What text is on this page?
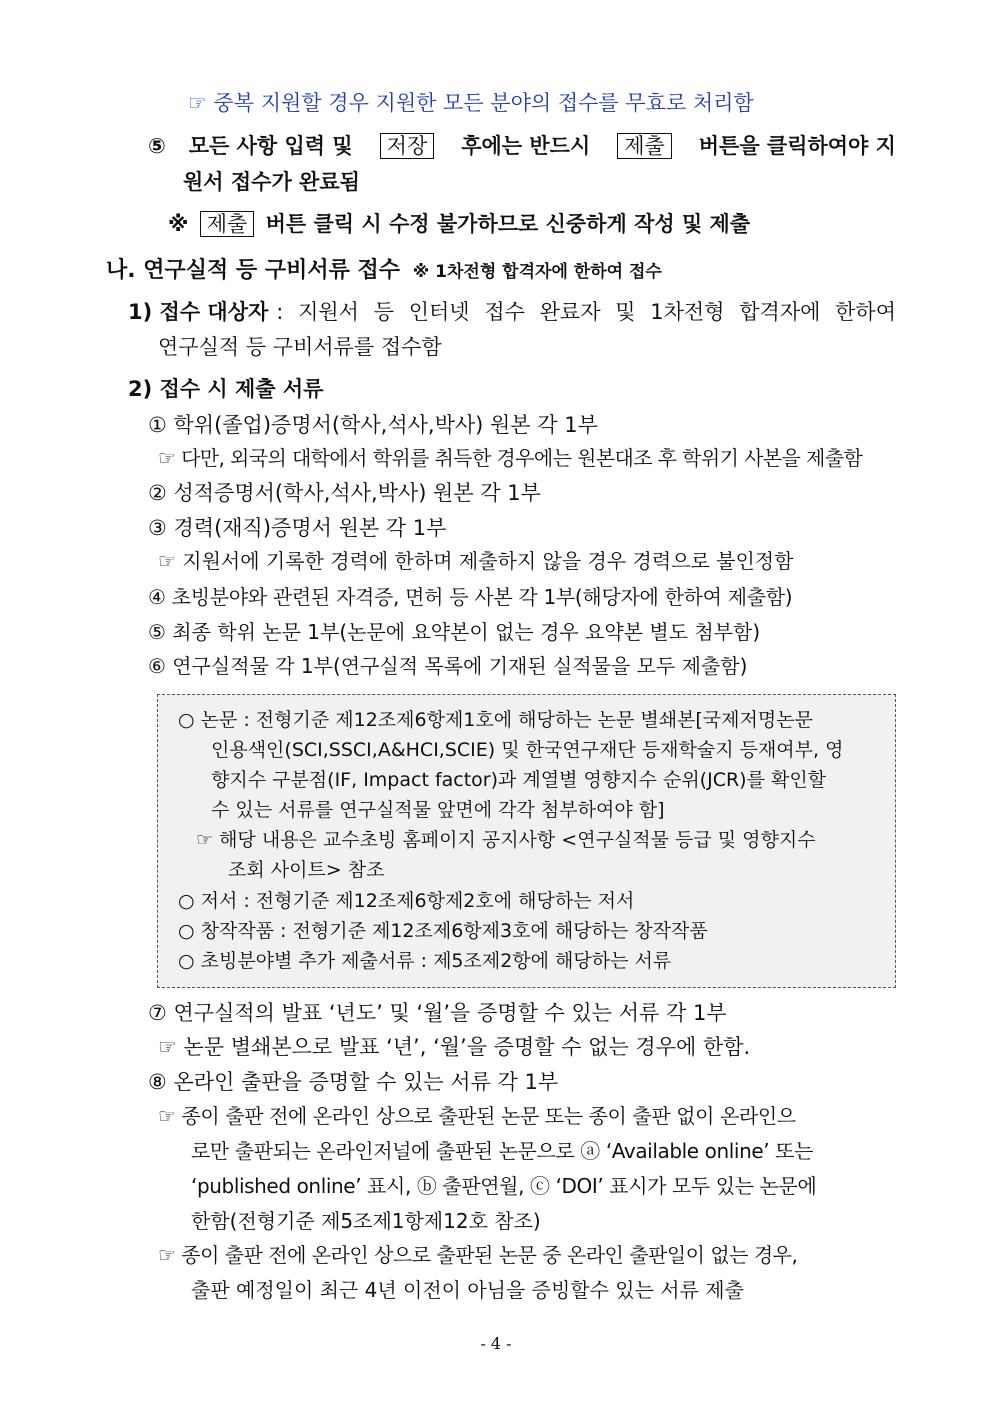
☞ 중복 지원할 경우 지원한 모든 분야의 접수를 무효로 처리함
⑤ 모든 사항 입력 및	저장	후에는 반드시	제출	버튼을 클릭하여야 지
원서 접수가 완료됨
※ 제출 버튼 클릭 시 수정 불가하므로 신중하게 작성 및 제출
나. 연구실적 등 구비서류 접수 ※ 1차전형 합격자에 한하여 접수
1) 접수 대상자 : 지원서 등 인터넷 접수 완료자 및 1차전형 합격자에 한하여
연구실적 등 구비서류를 접수함
2) 접수 시 제출 서류
① 학위(졸업)증명서(학사,석사,박사) 원본 각 1부
☞ 다만, 외국의 대학에서 학위를 취득한 경우에는 원본대조 후 학위기 사본을 제출함
② 성적증명서(학사,석사,박사) 원본 각 1부
③ 경력(재직)증명서 원본 각 1부
☞ 지원서에 기록한 경력에 한하며 제출하지 않을 경우 경력으로 불인정함
④ 초빙분야와 관련된 자격증, 면허 등 사본 각 1부(해당자에 한하여 제출함)
⑤ 최종 학위 논문 1부(논문에 요약본이 없는 경우 요약본 별도 첨부함)
⑥ 연구실적물 각 1부(연구실적 목록에 기재된 실적물을 모두 제출함)
○ 논문 : 전형기준 제12조제6항제1호에 해당하는 논문 별쇄본[국제저명논문
인용색인(SCI,SSCI,A&HCI,SCIE) 및 한국연구재단 등재학술지 등재여부, 영
향지수 구분점(IF, Impact factor)과 계열별 영향지수 순위(JCR)를 확인할
수 있는 서류를 연구실적물 앞면에 각각 첨부하여야 함]
☞ 해당 내용은 교수초빙 홈페이지 공지사항 <연구실적물 등급 및 영향지수
조회 사이트> 참조
○ 저서 : 전형기준 제12조제6항제2호에 해당하는 저서
○ 창작작품 : 전형기준 제12조제6항제3호에 해당하는 창작작품
○ 초빙분야별 추가 제출서류 : 제5조제2항에 해당하는 서류
⑦ 연구실적의 발표 ‘년도’ 및 ‘월’을 증명할 수 있는 서류 각 1부
☞ 논문 별쇄본으로 발표 ‘년’, ‘월’을 증명할 수 없는 경우에 한함.
⑧ 온라인 출판을 증명할 수 있는 서류 각 1부
☞ 종이 출판 전에 온라인 상으로 출판된 논문 또는 종이 출판 없이 온라인으
로만 출판되는 온라인저널에 출판된 논문으로 ⓐ ‘Available online’ 또는
‘published online’ 표시, ⓑ 출판연월, ⓒ ‘DOI’ 표시가 모두 있는 논문에
한함(전형기준 제5조제1항제12호 참조)
☞ 종이 출판 전에 온라인 상으로 출판된 논문 중 온라인 출판일이 없는 경우,
출판 예정일이 최근 4년 이전이 아님을 증빙할수 있는 서류 제출
- 4 -
